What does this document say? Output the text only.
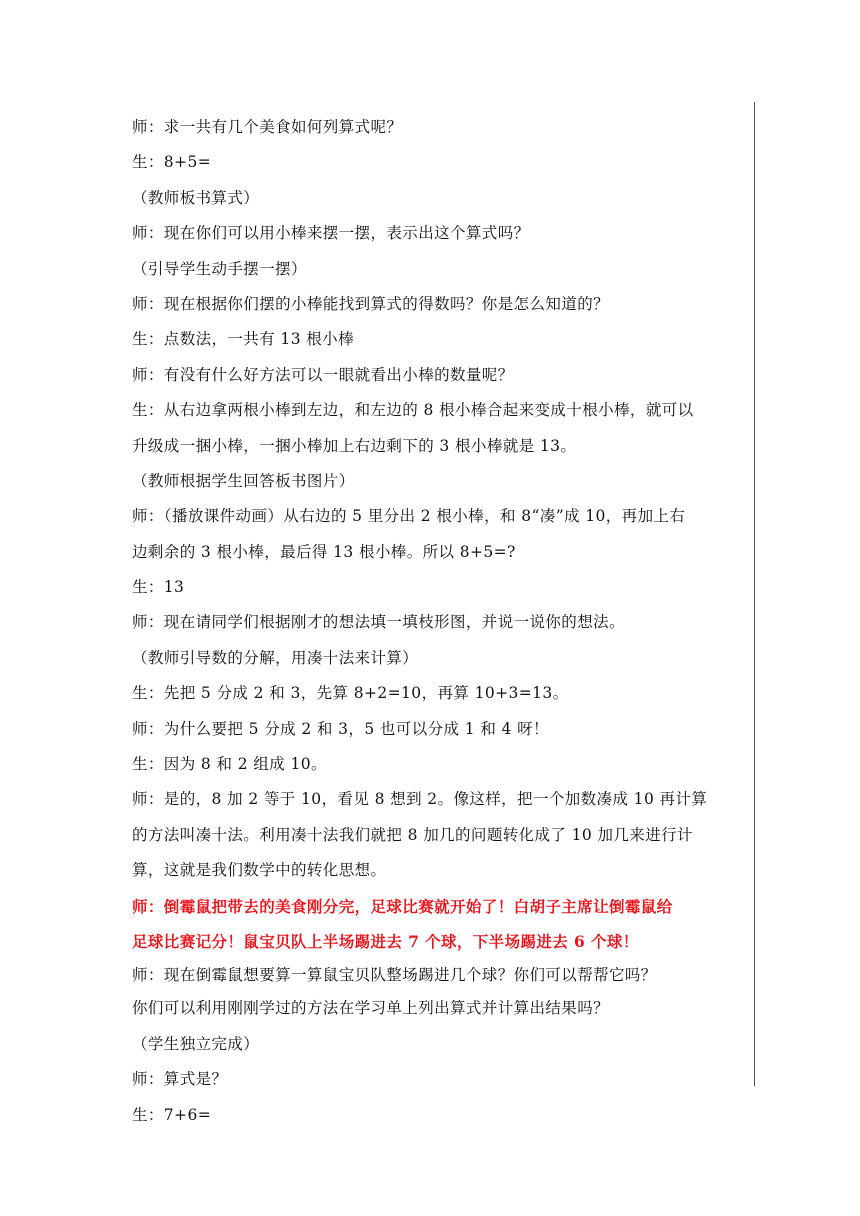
师：求一共有几个美食如何列算式呢？
生：8+5=
（教师板书算式）
师：现在你们可以用小棒来摆一摆，表示出这个算式吗？
（引导学生动手摆一摆）
师：现在根据你们摆的小棒能找到算式的得数吗？你是怎么知道的？
生：点数法，一共有 13 根小棒
师：有没有什么好方法可以一眼就看出小棒的数量呢？
生：从右边拿两根小棒到左边，和左边的 8 根小棒合起来变成十根小棒，就可以
升级成一捆小棒，一捆小棒加上右边剩下的 3 根小棒就是 13。
（教师根据学生回答板书图片）
师：（播放课件动画）从右边的 5 里分出 2 根小棒，和 8“凑”成 10，再加上右
边剩余的 3 根小棒，最后得 13 根小棒。所以 8+5=?
生：13
师：现在请同学们根据刚才的想法填一填枝形图，并说一说你的想法。
（教师引导数的分解，用凑十法来计算）
生：先把 5 分成 2 和 3，先算 8+2=10，再算 10+3=13。
师：为什么要把 5 分成 2 和 3，5 也可以分成 1 和 4 呀！
生：因为 8 和 2 组成 10。
师：是的，8 加 2 等于 10，看见 8 想到 2。像这样，把一个加数凑成 10 再计算
的方法叫凑十法。利用凑十法我们就把 8 加几的问题转化成了 10 加几来进行计
算，这就是我们数学中的转化思想。
师：倒霉鼠把带去的美食刚分完，足球比赛就开始了！白胡子主席让倒霉鼠给
足球比赛记分！鼠宝贝队上半场踢进去 7 个球，下半场踢进去 6 个球！
师：现在倒霉鼠想要算一算鼠宝贝队整场踢进几个球？你们可以帮帮它吗？
你们可以利用刚刚学过的方法在学习单上列出算式并计算出结果吗？
（学生独立完成）
师：算式是？
生：7+6=
